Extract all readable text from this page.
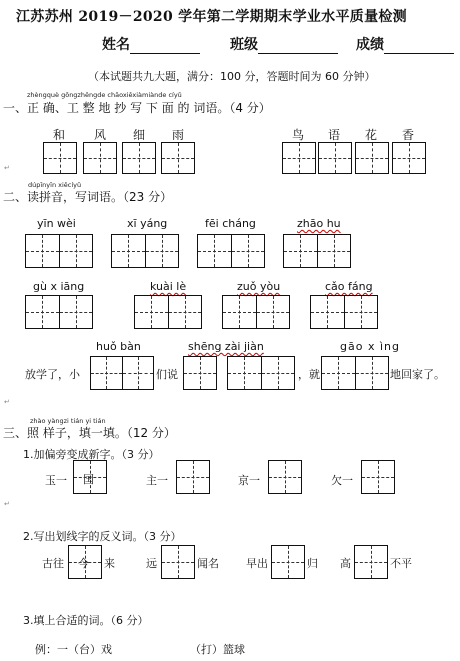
江苏苏州 2019－2020 学年第二学期期末学业水平质量检测
姓名	班级	成绩
（本试题共九大题，满分：100 分，答题时间为 60 分钟）
zhèngquè gōngzhěngde chāoxiěxiàmiànde cíyǔ
一、正 确、工 整 地 抄 写 下 面 的 词语。（4 分）
和 风 细 雨	鸟 语 花 香
↵
dúpīnyīn xiěcíyǔ
二、读拼音，写词语。（23 分）
yīn wèi	xī yáng	fēi cháng	zhāo hu
gù x iāng	kuài lè	zuǒ yòu	cǎo fáng
huǒ bàn	shēng zài jiàn	gāo x ìng
放学了，小	们说	，就	地回家了。
↵
zhào yàngzi tián yi tián
三、照 样子，填一填。（12 分）
1.加偏旁变成新字。（3 分）
玉一 国	主一	京一	欠一
↵
2.写出划线字的反义词。（3 分）
古往 今 来	远	闻名 早出	归 高	不平
3.填上合适的词。（6 分）
例：一（台）戏	（打）篮球
